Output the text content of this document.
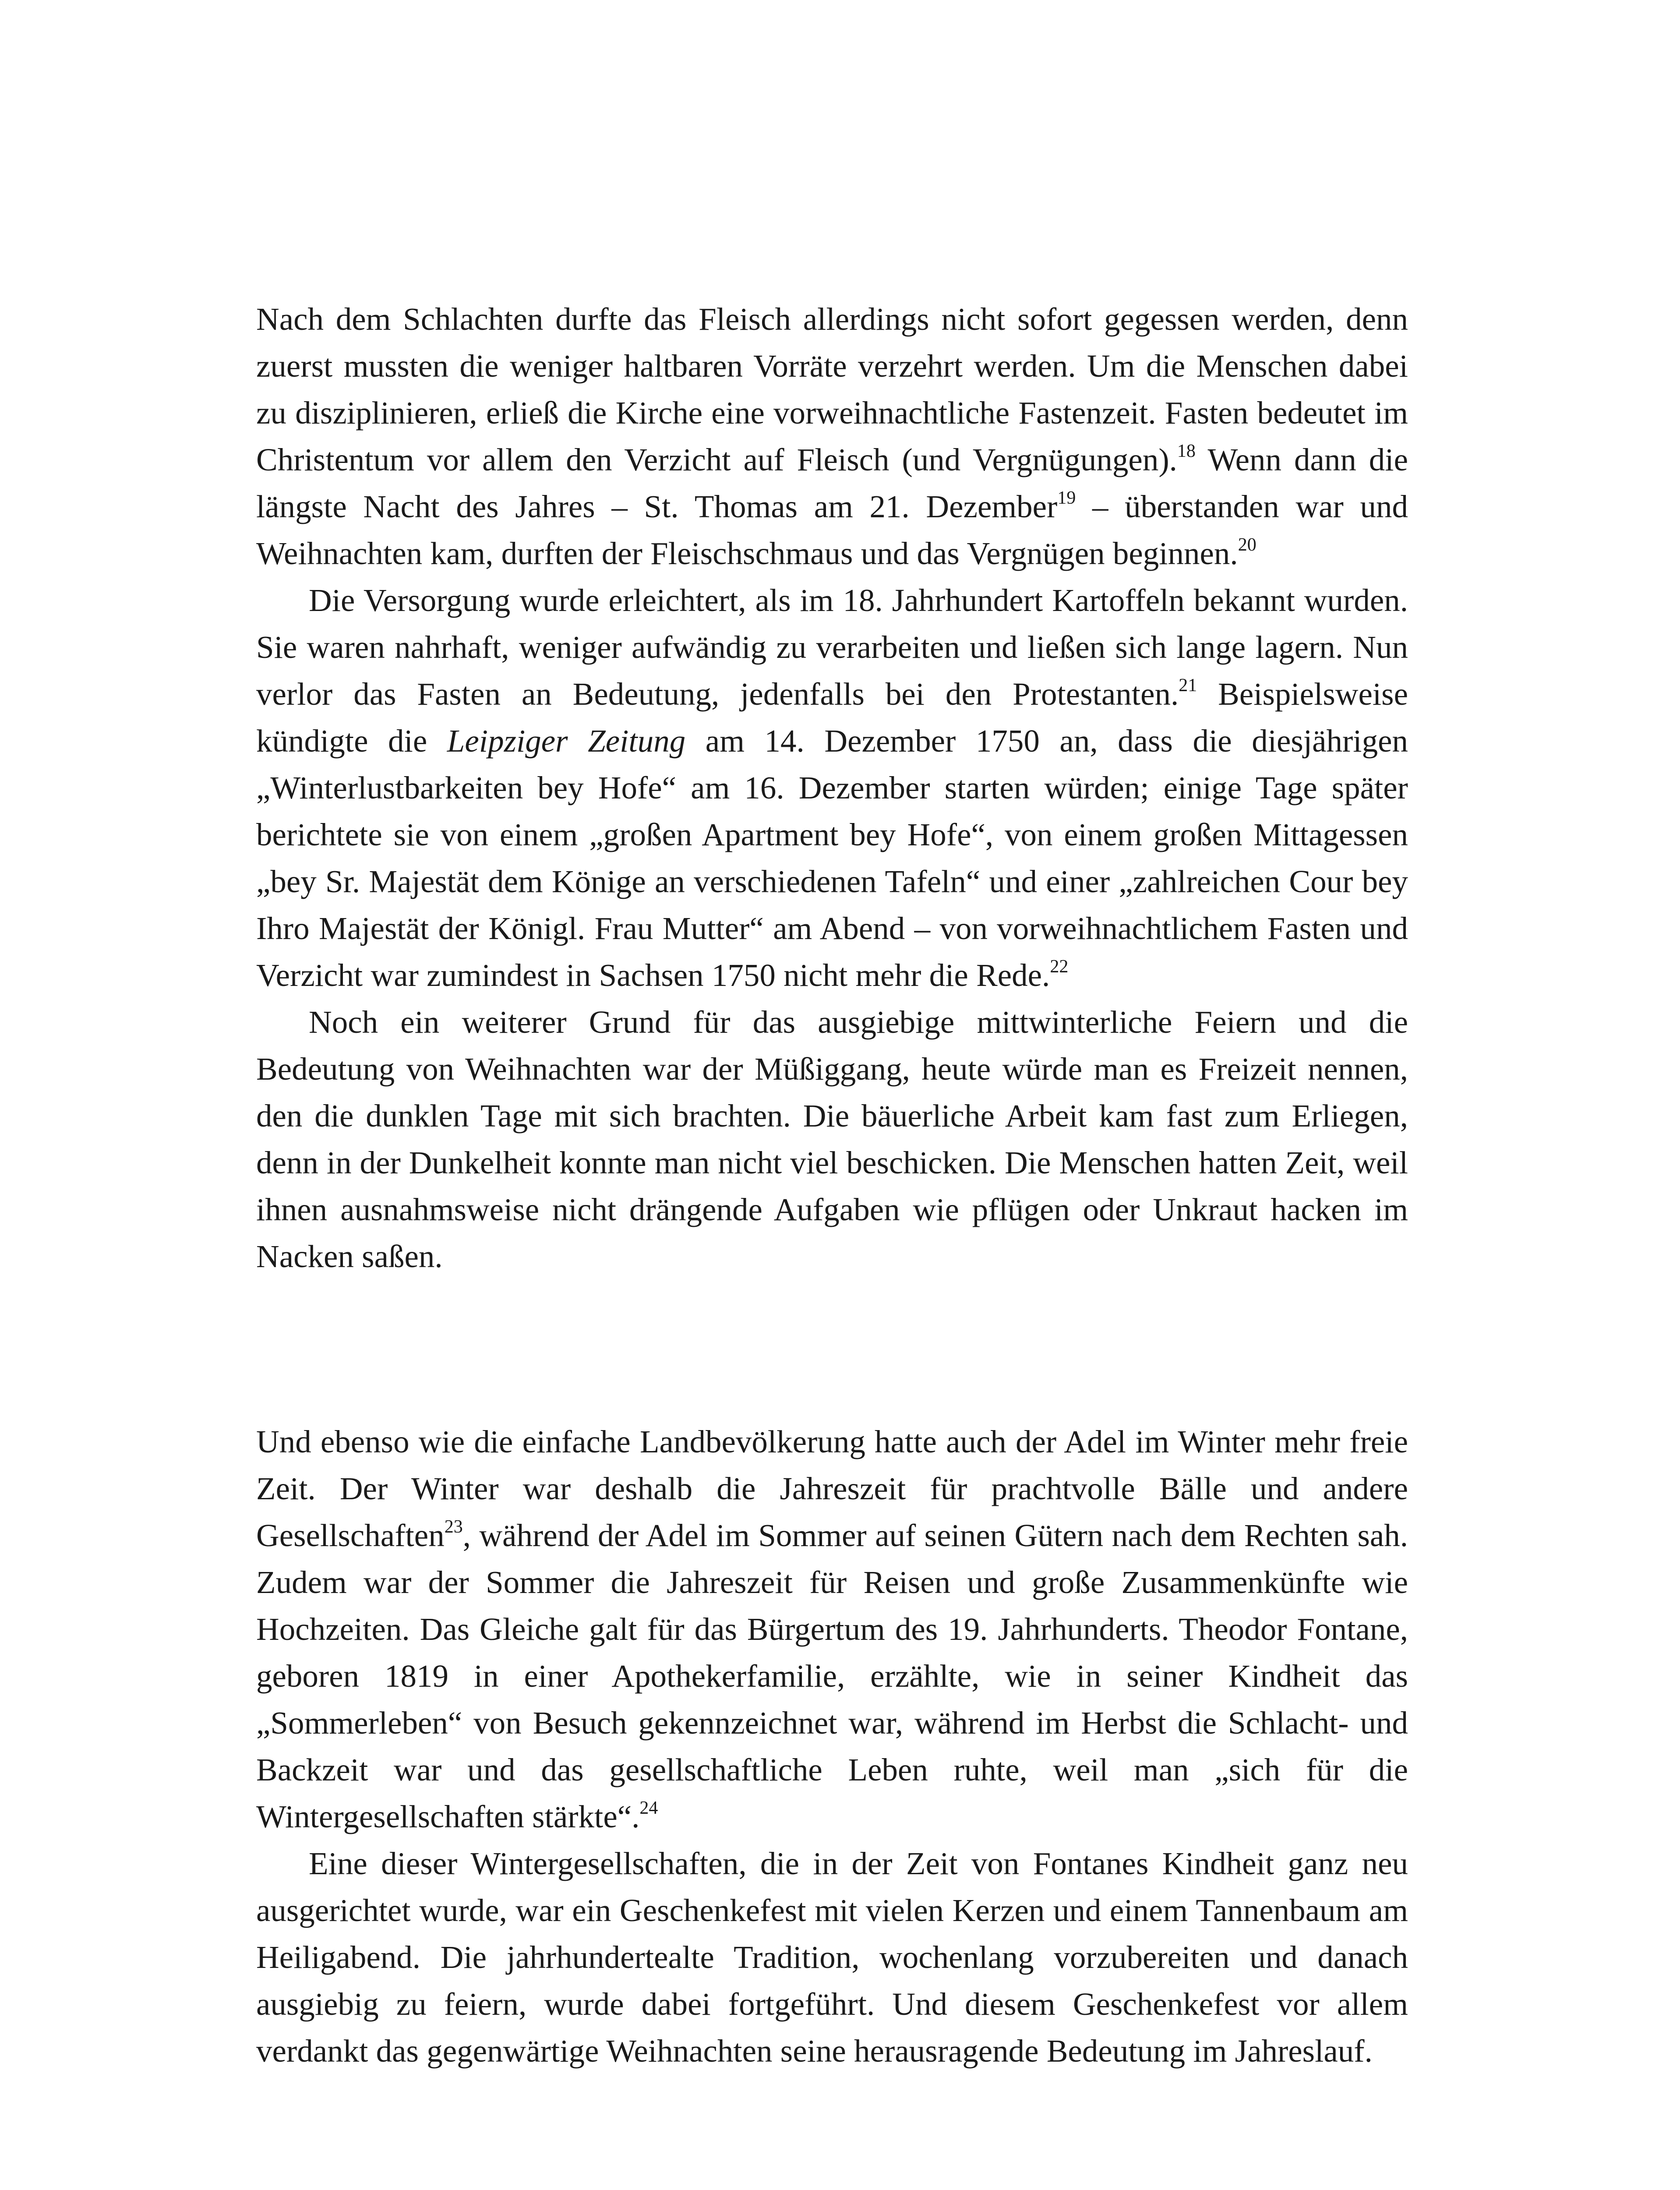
Nach dem Schlachten durfte das Fleisch allerdings nicht sofort gegessen werden, denn zuerst mussten die weniger haltbaren Vorräte verzehrt werden. Um die Menschen dabei zu disziplinieren, erließ die Kirche eine vorweihnachtliche Fastenzeit. Fasten bedeutet im Christentum vor allem den Verzicht auf Fleisch (und Vergnügungen).$^{18}$ Wenn dann die längste Nacht des Jahres – St. Thomas am 21. Dezember$^{19}$ – überstanden war und Weihnachten kam, durften der Fleischschmaus und das Vergnügen beginnen.$^{20}$

Die Versorgung wurde erleichtert, als im 18. Jahrhundert Kartoffeln bekannt wurden. Sie waren nahrhaft, weniger aufwändig zu verarbeiten und ließen sich lange lagern. Nun verlor das Fasten an Bedeutung, jedenfalls bei den Protestanten.$^{21}$ Beispielsweise kündigte die Leipziger Zeitung am 14. Dezember 1750 an, dass die diesjährigen „Winterlustbarkeiten bey Hofe“ am 16. Dezember starten würden; einige Tage später berichtete sie von einem „großen Apartment bey Hofe“, von einem großen Mittagessen „bey Sr. Majestät dem Könige an verschiedenen Tafeln“ und einer „zahlreichen Cour bey Ihro Majestät der Königl. Frau Mutter“ am Abend – von vorweihnachtlichem Fasten und Verzicht war zumindest in Sachsen 1750 nicht mehr die Rede.$^{22}$

Noch ein weiterer Grund für das ausgiebige mittwinterliche Feiern und die Bedeutung von Weihnachten war der Müßiggang, heute würde man es Freizeit nennen, den die dunklen Tage mit sich brachten. Die bäuerliche Arbeit kam fast zum Erliegen, denn in der Dunkelheit konnte man nicht viel beschicken. Die Menschen hatten Zeit, weil ihnen ausnahmsweise nicht drängende Aufgaben wie pflügen oder Unkraut hacken im Nacken saßen.

Und ebenso wie die einfache Landbevölkerung hatte auch der Adel im Winter mehr freie Zeit. Der Winter war deshalb die Jahreszeit für prachtvolle Bälle und andere Gesellschaften$^{23}$, während der Adel im Sommer auf seinen Gütern nach dem Rechten sah. Zudem war der Sommer die Jahreszeit für Reisen und große Zusammenkünfte wie Hochzeiten. Das Gleiche galt für das Bürgertum des 19. Jahrhunderts. Theodor Fontane, geboren 1819 in einer Apothekerfamilie, erzählte, wie in seiner Kindheit das „Sommerleben“ von Besuch gekennzeichnet war, während im Herbst die Schlacht- und Backzeit war und das gesellschaftliche Leben ruhte, weil man „sich für die Wintergesellschaften stärkte“.$^{24}$

Eine dieser Wintergesellschaften, die in der Zeit von Fontanes Kindheit ganz neu ausgerichtet wurde, war ein Geschenkefest mit vielen Kerzen und einem Tannenbaum am Heiligabend. Die jahrhundertealte Tradition, wochenlang vorzubereiten und danach ausgiebig zu feiern, wurde dabei fortgeführt. Und diesem Geschenkefest vor allem verdankt das gegenwärtige Weihnachten seine herausragende Bedeutung im Jahreslauf.
